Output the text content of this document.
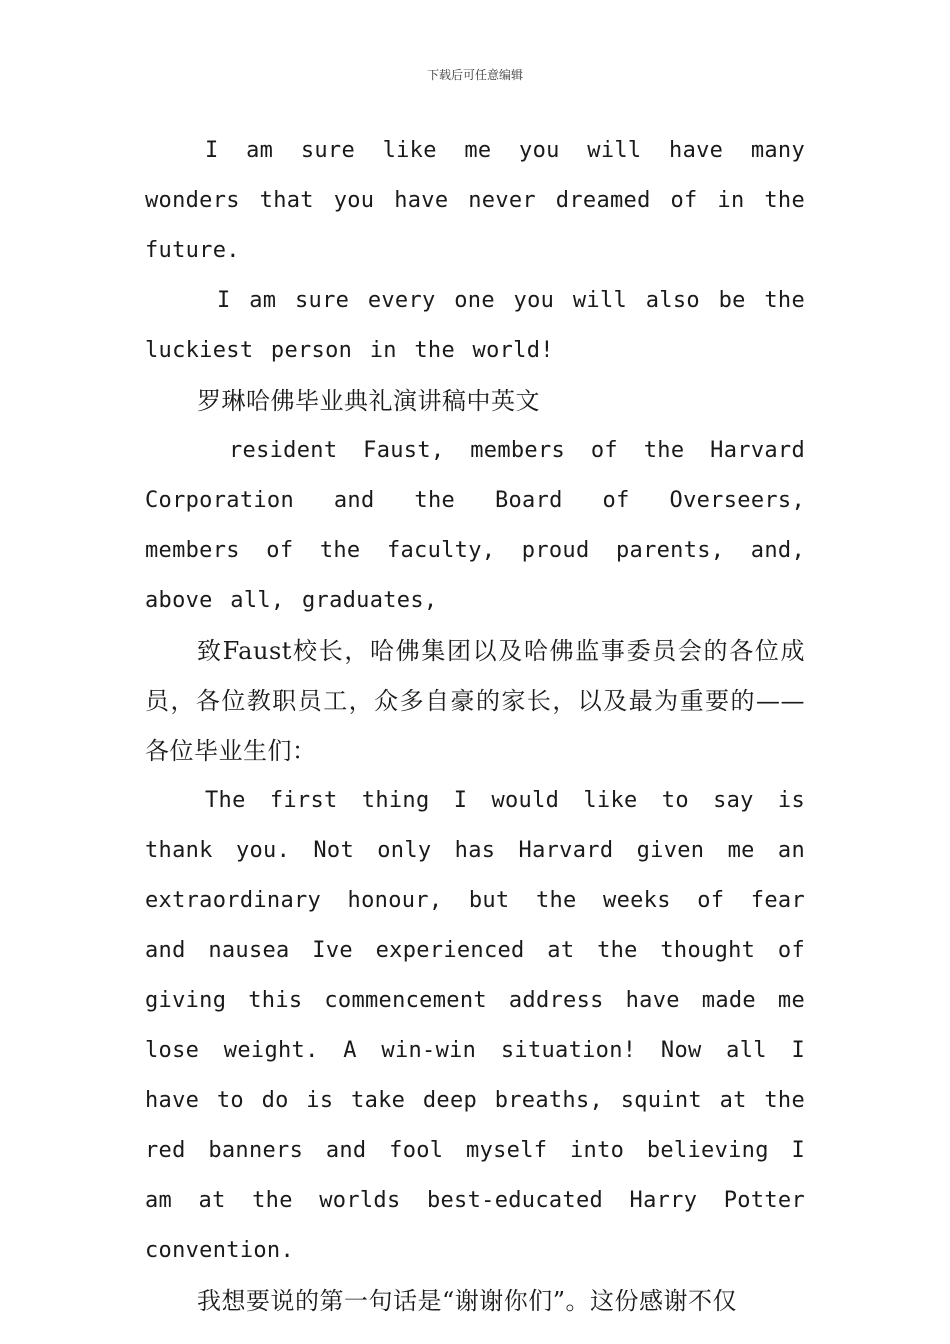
下载后可任意编辑

I am sure like me you will have many wonders that you have never dreamed of in the future.

I am sure every one you will also be the luckiest person in the world!

罗琳哈佛毕业典礼演讲稿中英文

resident Faust, members of the Harvard Corporation and the Board of Overseers, members of the faculty, proud parents, and, above all, graduates,

致Faust校长，哈佛集团以及哈佛监事委员会的各位成员，各位教职员工，众多自豪的家长，以及最为重要的——各位毕业生们：

The first thing I would like to say is thank you. Not only has Harvard given me an extraordinary honour, but the weeks of fear and nausea Ive experienced at the thought of giving this commencement address have made me lose weight. A win-win situation! Now all I have to do is take deep breaths, squint at the red banners and fool myself into believing I am at the worlds best-educated Harry Potter convention.

我想要说的第一句话是“谢谢你们”。这份感谢不仅
